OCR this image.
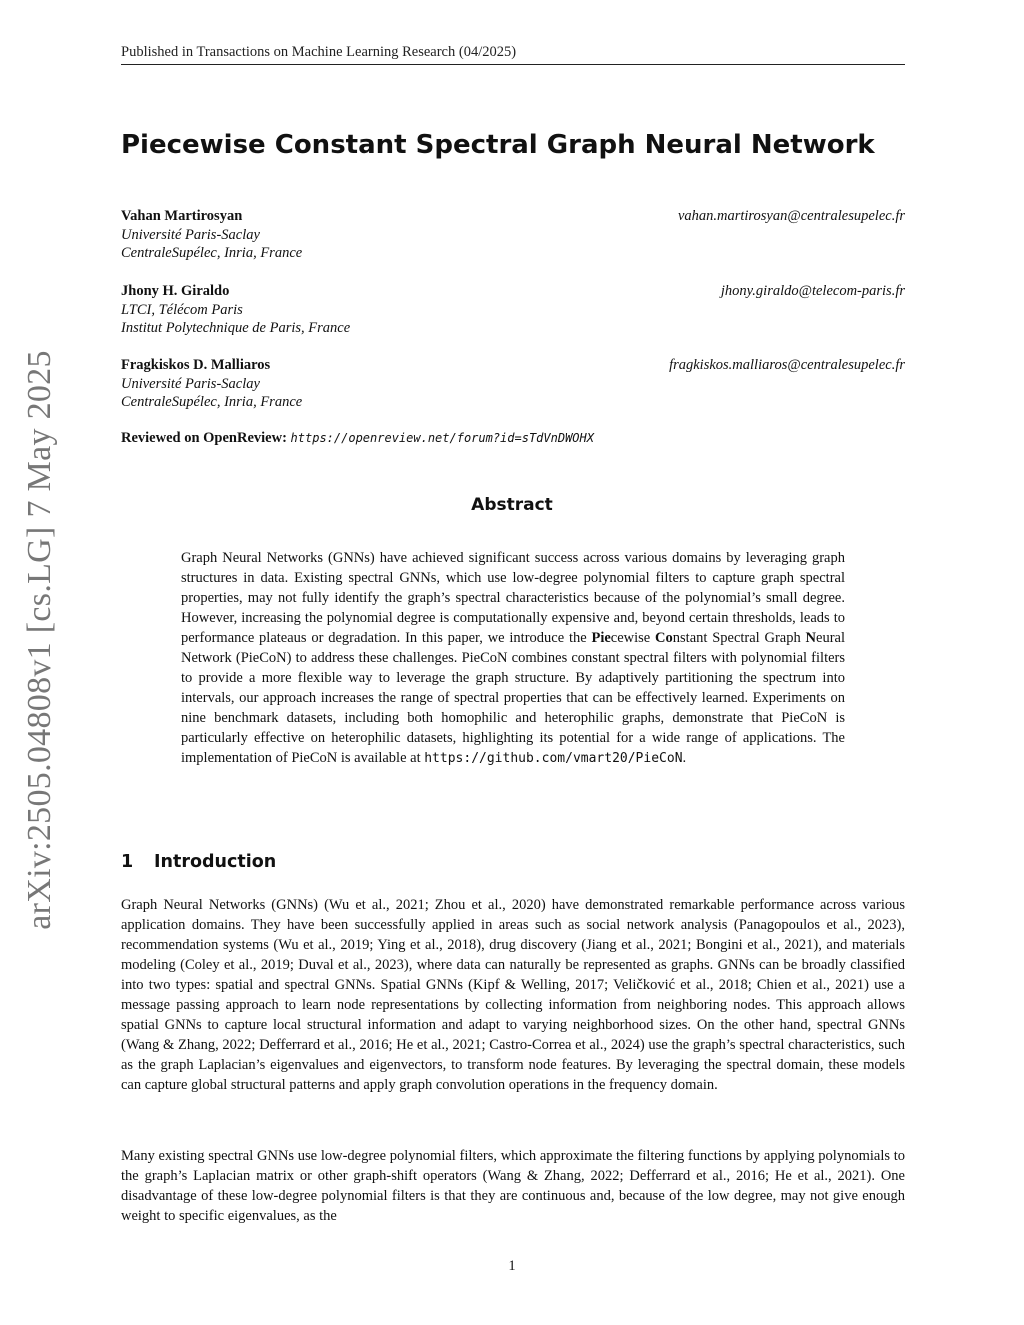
Published in Transactions on Machine Learning Research (04/2025)
arXiv:2505.04808v1 [cs.LG] 7 May 2025
Piecewise Constant Spectral Graph Neural Network
Vahan Martirosyan	vahan.martirosyan@centralesupelec.fr
Université Paris-Saclay
CentraleSupélec, Inria, France
Jhony H. Giraldo	jhony.giraldo@telecom-paris.fr
LTCI, Télécom Paris
Institut Polytechnique de Paris, France
Fragkiskos D. Malliaros	fragkiskos.malliaros@centralesupelec.fr
Université Paris-Saclay
CentraleSupélec, Inria, France
Reviewed on OpenReview: https://openreview.net/forum?id=sTdVnDWOHX
Abstract

Graph Neural Networks (GNNs) have achieved significant success across various domains by leveraging graph structures in data. Existing spectral GNNs, which use low-degree polynomial filters to capture graph spectral properties, may not fully identify the graph’s spectral characteristics because of the polynomial’s small degree. However, increasing the polynomial degree is computationally expensive and, beyond certain thresholds, leads to performance plateaus or degradation. In this paper, we introduce the Piecewise Constant Spectral Graph Neural Network (PieCoN) to address these challenges. PieCoN combines constant spectral filters with polynomial filters to provide a more flexible way to leverage the graph structure. By adaptively partitioning the spectrum into intervals, our approach increases the range of spectral properties that can be effectively learned. Experiments on nine benchmark datasets, including both homophilic and heterophilic graphs, demonstrate that PieCoN is particularly effective on heterophilic datasets, highlighting its potential for a wide range of applications. The implementation of PieCoN is available at https://github.com/vmart20/PieCoN.

1 Introduction

Graph Neural Networks (GNNs) (Wu et al., 2021; Zhou et al., 2020) have demonstrated remarkable performance across various application domains. They have been successfully applied in areas such as social network analysis (Panagopoulos et al., 2023), recommendation systems (Wu et al., 2019; Ying et al., 2018), drug discovery (Jiang et al., 2021; Bongini et al., 2021), and materials modeling (Coley et al., 2019; Duval et al., 2023), where data can naturally be represented as graphs. GNNs can be broadly classified into two types: spatial and spectral GNNs. Spatial GNNs (Kipf & Welling, 2017; Veličković et al., 2018; Chien et al., 2021) use a message passing approach to learn node representations by collecting information from neighboring nodes. This approach allows spatial GNNs to capture local structural information and adapt to varying neighborhood sizes. On the other hand, spectral GNNs (Wang & Zhang, 2022; Defferrard et al., 2016; He et al., 2021; Castro-Correa et al., 2024) use the graph’s spectral characteristics, such as the graph Laplacian’s eigenvalues and eigenvectors, to transform node features. By leveraging the spectral domain, these models can capture global structural patterns and apply graph convolution operations in the frequency domain.

Many existing spectral GNNs use low-degree polynomial filters, which approximate the filtering functions by applying polynomials to the graph’s Laplacian matrix or other graph-shift operators (Wang & Zhang, 2022; Defferrard et al., 2016; He et al., 2021). One disadvantage of these low-degree polynomial filters is that they are continuous and, because of the low degree, may not give enough weight to specific eigenvalues, as the

1
